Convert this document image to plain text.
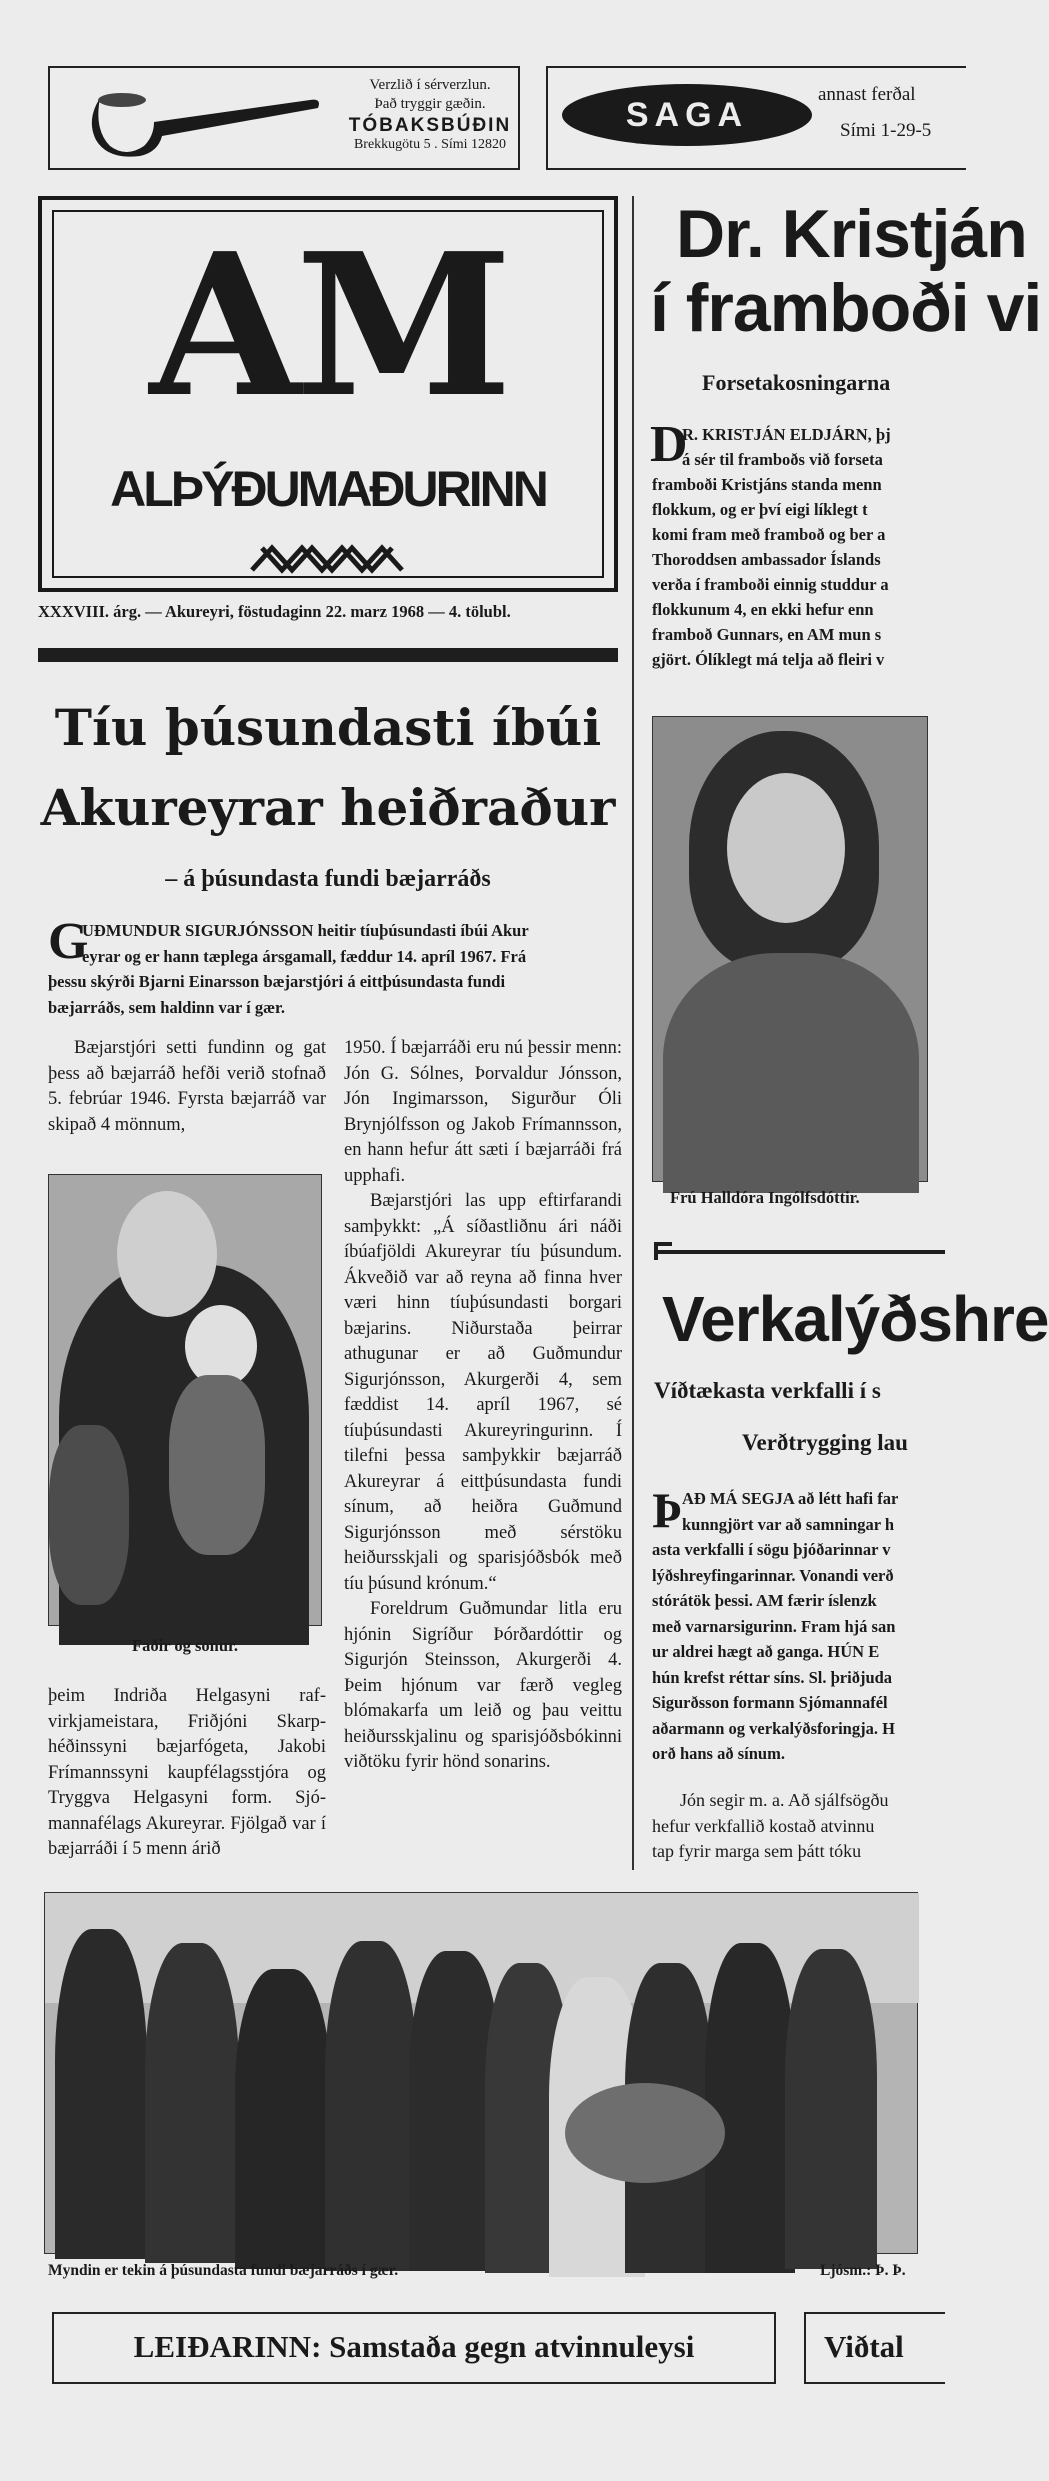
Verzlið í sérverzlun.
Það tryggir gæðin.
TÓBAKSBÚÐIN
Brekkugötu 5 . Sími 12820
SAGA
annast ferðal
Sími 1-29-5
AM
ALÞÝÐUMAÐURINN
XXXVIII. árg. — Akureyri, föstudaginn 22. marz 1968 — 4. tölubl.
Dr. Kristján
í framboði vi
Forsetakosningarna
D
R. KRISTJÁN ELDJÁRN, þj
á sér til framboðs við forseta
framboði Kristjáns standa menn
flokkum, og er því eigi líklegt t
komi fram með framboð og ber a
Thoroddsen ambassador Íslands
verða í framboði einnig studdur a
flokkunum 4, en ekki hefur enn
framboð Gunnars, en AM mun s
gjört. Ólíklegt má telja að fleiri v
Frú Halldóra Ingólfsdóttir.
Verkalýðshre
Víðtækasta verkfalli í s
Verðtrygging lau
Þ AÐ MÁ SEGJA að létt hafi far
kunngjört var að samningar h
asta verkfalli í sögu þjóðarinnar v
lýðshreyfingarinnar. Vonandi verð
stórátök þessi. AM færir íslenzk
með varnarsigurinn. Fram hjá san
ur aldrei hægt að ganga. HÚN E
hún krefst réttar síns. Sl. þriðjuda
Sigurðsson formann Sjómannafél
aðarmann og verkalýðsforingja. H
orð hans að sínum.
Jón segir m. a. Að sjálfsögðu
hefur verkfallið kostað atvinnu
tap fyrir marga sem þátt tóku
Tíu þúsundasti íbúi
Akureyrar heiðraður
– á þúsundasta fundi bæjarráðs
G
UÐMUNDUR SIGURJÓNSSON heitir tíuþúsundasti íbúi Akur
eyrar og er hann tæplega ársgamall, fæddur 14. apríl 1967. Frá
þessu skýrði Bjarni Einarsson bæjarstjóri á eittþúsundasta fundi
bæjarráðs, sem haldinn var í gær.

Bæjarstjóri setti fundinn og gat þess að bæjarráð hefði verið stofnað 5. febrúar 1946. Fyrsta bæjarráð var skipað 4 mönnum,

Faðir og sonur.

þeim Indriða Helgasyni rafvirkjameistara, Friðjóni Skarphéðinssyni bæjarfógeta, Jakobi Frímannssyni kaupfélagsstjóra og Tryggva Helgasyni form. Sjómannafélags Akureyrar. Fjölgað var í bæjarráði í 5 menn árið

1950. Í bæjarráði eru nú þessir menn: Jón G. Sólnes, Þorvaldur Jónsson, Jón Ingimarsson, Sigurður Óli Brynjólfsson og Jakob Frímannsson, en hann hefur átt sæti í bæjarráði frá upphafi.

Bæjarstjóri las upp eftirfarandi samþykkt: „Á síðastliðnu ári náði íbúafjöldi Akureyrar tíu þúsundum. Ákveðið var að reyna að finna hver væri hinn tíuþúsundasti borgari bæjarins. Niðurstaða þeirrar athugunar er að Guðmundur Sigurjónsson, Akurgerði 4, sem fæddist 14. apríl 1967, sé tíuþúsundasti Akureyringurinn. Í tilefni þessa samþykkir bæjarráð Akureyrar á eittþúsundasta fundi sínum, að heiðra Guðmund Sigurjónsson með sérstöku heiðursskjali og sparisjóðsbók með tíu þúsund krónum.“

Foreldrum Guðmundar litla eru hjónin Sigríður Þórðardóttir og Sigurjón Steinsson, Akurgerði 4. Þeim hjónum var færð vegleg blómakarfa um leið og þau veittu heiðursskjalinu og sparisjóðsbókinni viðtöku fyrir hönd sonarins.

Myndin er tekin á þúsundasta fundi bæjarráðs í gær.	Ljósm.: Þ. Þ.
LEIÐARINN: Samstaða gegn atvinnuleysi	Viðtal
